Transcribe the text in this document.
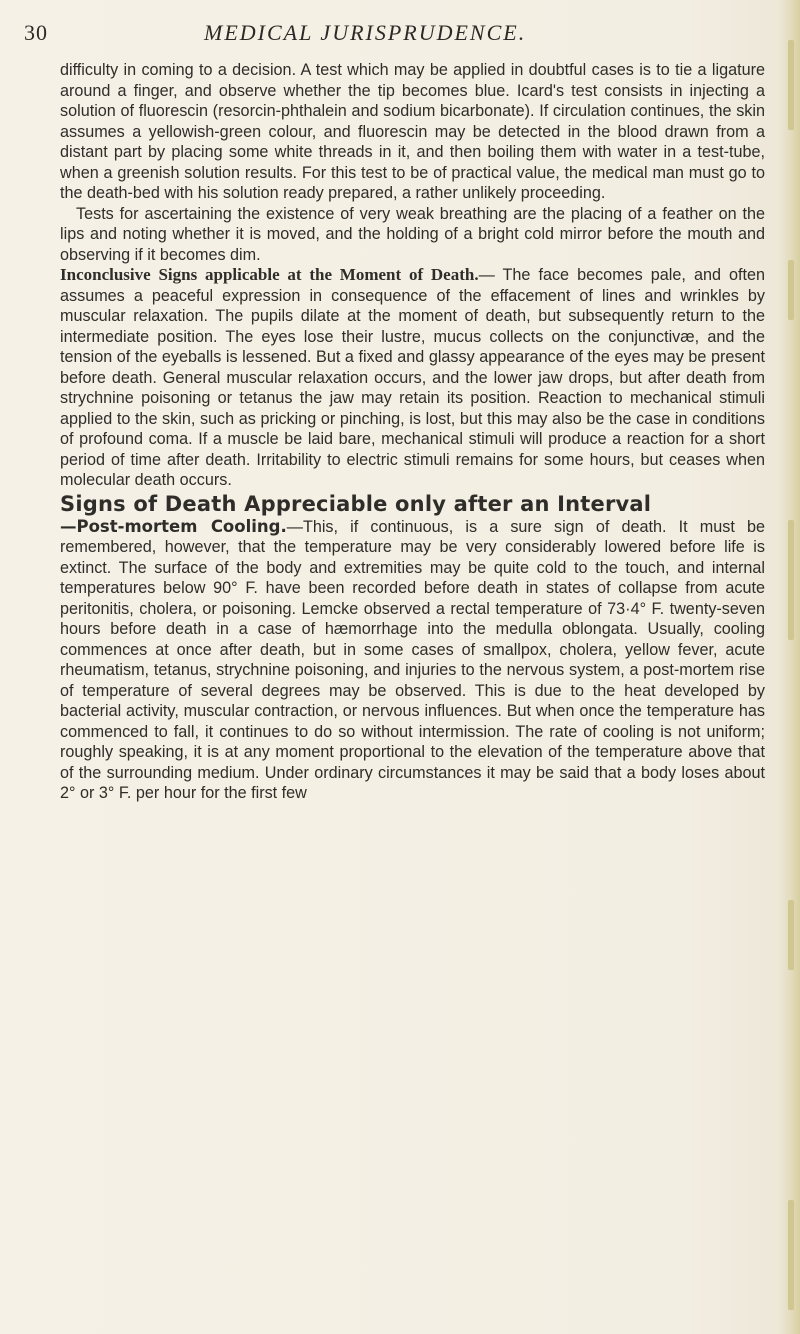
30	MEDICAL JURISPRUDENCE.

difficulty in coming to a decision. A test which may be applied in doubtful cases is to tie a ligature around a finger, and observe whether the tip becomes blue. Icard's test consists in injecting a solution of fluorescin (resorcin-phthalein and sodium bicarbonate). If circulation continues, the skin assumes a yellowish-green colour, and fluorescin may be detected in the blood drawn from a distant part by placing some white threads in it, and then boiling them with water in a test-tube, when a greenish solution results. For this test to be of practical value, the medical man must go to the death-bed with his solution ready prepared, a rather unlikely proceeding.

Tests for ascertaining the existence of very weak breathing are the placing of a feather on the lips and noting whether it is moved, and the holding of a bright cold mirror before the mouth and observing if it becomes dim.

Inconclusive Signs applicable at the Moment of Death.— The face becomes pale, and often assumes a peaceful expression in consequence of the effacement of lines and wrinkles by muscular relaxation. The pupils dilate at the moment of death, but subsequently return to the intermediate position. The eyes lose their lustre, mucus collects on the conjunctivæ, and the tension of the eyeballs is lessened. But a fixed and glassy appearance of the eyes may be present before death. General muscular relaxation occurs, and the lower jaw drops, but after death from strychnine poisoning or tetanus the jaw may retain its position. Reaction to mechanical stimuli applied to the skin, such as pricking or pinching, is lost, but this may also be the case in conditions of profound coma. If a muscle be laid bare, mechanical stimuli will produce a reaction for a short period of time after death. Irritability to electric stimuli remains for some hours, but ceases when molecular death occurs.

Signs of Death Appreciable only after an Interval

—Post-mortem Cooling.—This, if continuous, is a sure sign of death. It must be remembered, however, that the temperature may be very considerably lowered before life is extinct. The surface of the body and extremities may be quite cold to the touch, and internal temperatures below 90° F. have been recorded before death in states of collapse from acute peritonitis, cholera, or poisoning. Lemcke observed a rectal temperature of 73·4° F. twenty-seven hours before death in a case of hæmorrhage into the medulla oblongata. Usually, cooling commences at once after death, but in some cases of smallpox, cholera, yellow fever, acute rheumatism, tetanus, strychnine poisoning, and injuries to the nervous system, a post-mortem rise of temperature of several degrees may be observed. This is due to the heat developed by bacterial activity, muscular contraction, or nervous influences. But when once the temperature has commenced to fall, it continues to do so without intermission. The rate of cooling is not uniform; roughly speaking, it is at any moment proportional to the elevation of the temperature above that of the surrounding medium. Under ordinary circumstances it may be said that a body loses about 2° or 3° F. per hour for the first few
